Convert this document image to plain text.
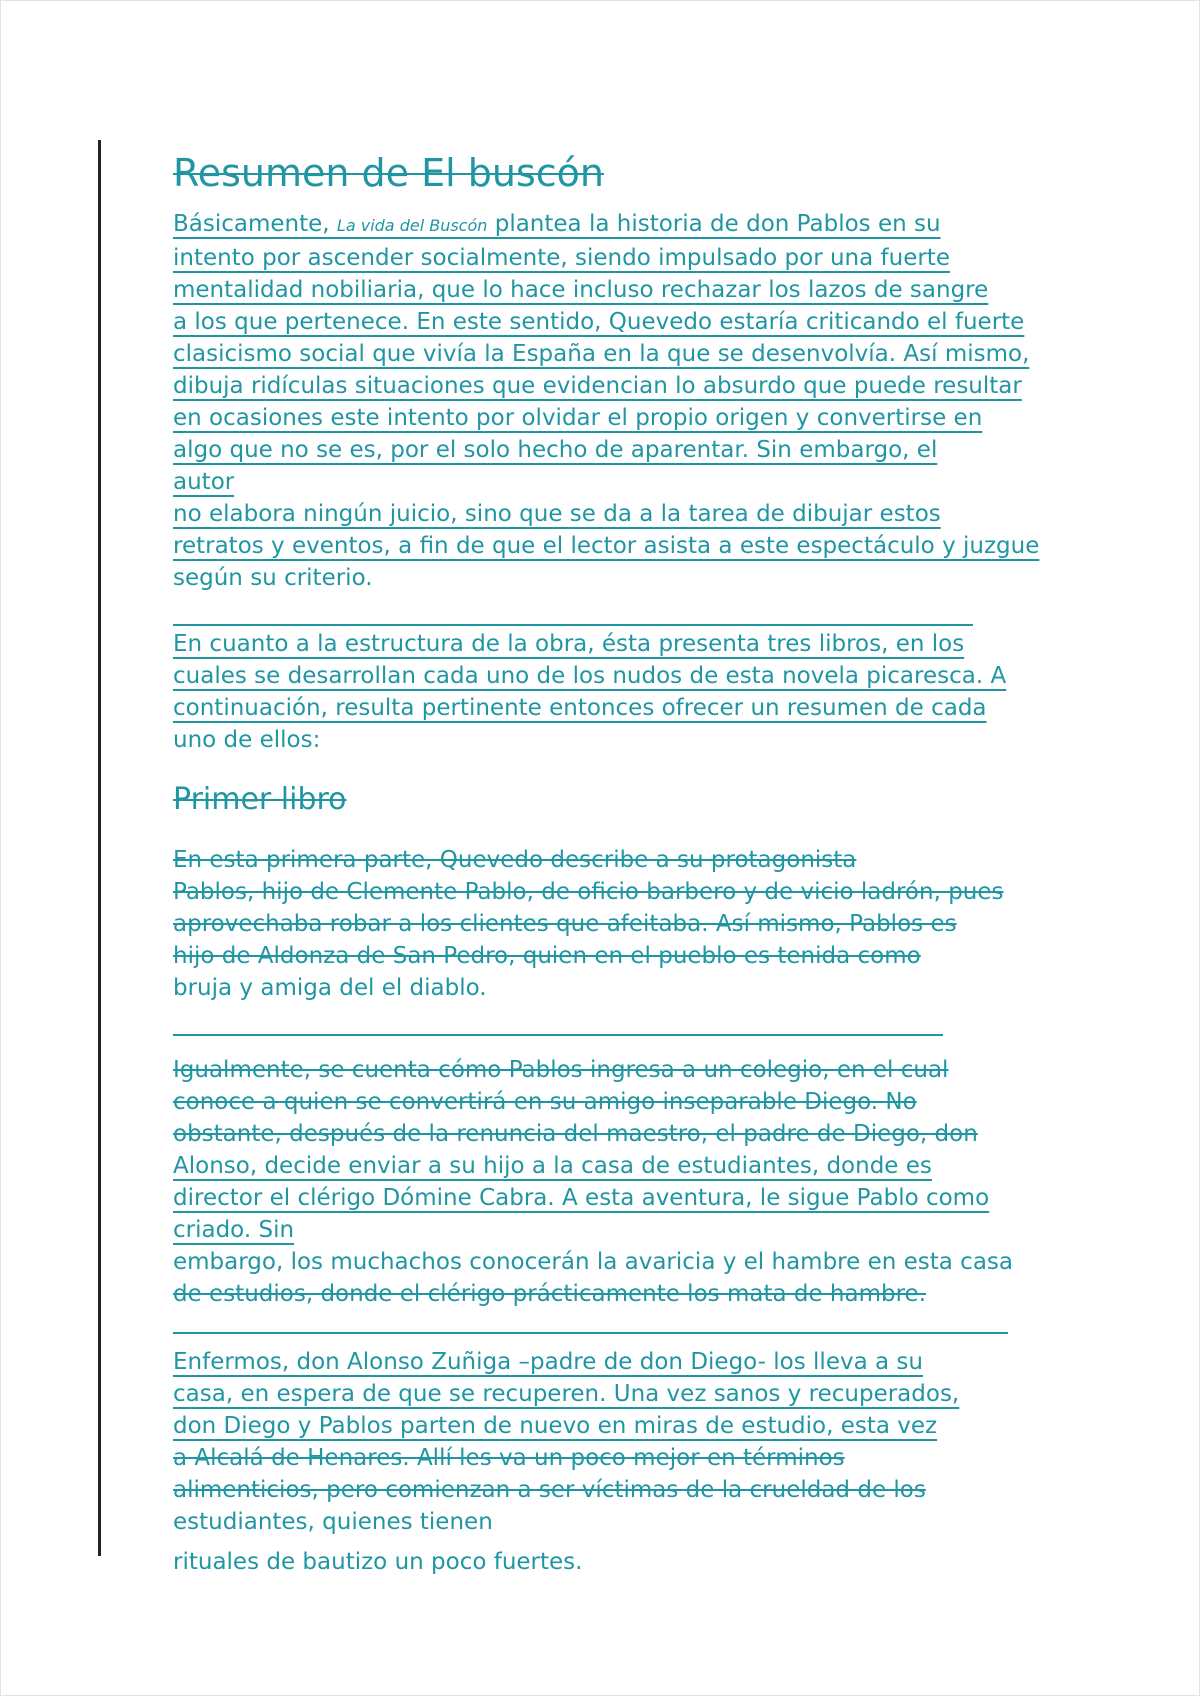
Resumen de El buscón

Básicamente, La vida del Buscón plantea la historia de don Pablos en su
intento por ascender socialmente, siendo impulsado por una fuerte
mentalidad nobiliaria, que lo hace incluso rechazar los lazos de sangre
a los que pertenece. En este sentido, Quevedo estaría criticando el fuerte
clasicismo social que vivía la España en la que se desenvolvía. Así mismo,
dibuja ridículas situaciones que evidencian lo absurdo que puede resultar
en ocasiones este intento por olvidar el propio origen y convertirse en
algo que no se es, por el solo hecho de aparentar. Sin embargo, el
autor
no elabora ningún juicio, sino que se da a la tarea de dibujar estos
retratos y eventos, a fin de que el lector asista a este espectáculo y juzgue
según su criterio.

En cuanto a la estructura de la obra, ésta presenta tres libros, en los
cuales se desarrollan cada uno de los nudos de esta novela picaresca. A
continuación, resulta pertinente entonces ofrecer un resumen de cada
uno de ellos:

Primer libro

En esta primera parte, Quevedo describe a su protagonista
Pablos, hijo de Clemente Pablo, de oficio barbero y de vicio ladrón, pues
aprovechaba robar a los clientes que afeitaba. Así mismo, Pablos es
hijo de Aldonza de San Pedro, quien en el pueblo es tenida como
bruja y amiga del el diablo.

Igualmente, se cuenta cómo Pablos ingresa a un colegio, en el cual
conoce a quien se convertirá en su amigo inseparable Diego. No
obstante, después de la renuncia del maestro, el padre de Diego, don
Alonso, decide enviar a su hijo a la casa de estudiantes, donde es
director el clérigo Dómine Cabra. A esta aventura, le sigue Pablo como
criado. Sin
embargo, los muchachos conocerán la avaricia y el hambre en esta casa
de estudios, donde el clérigo prácticamente los mata de hambre.

Enfermos, don Alonso Zuñiga –padre de don Diego- los lleva a su
casa, en espera de que se recuperen. Una vez sanos y recuperados,
don Diego y Pablos parten de nuevo en miras de estudio, esta vez
a Alcalá de Henares. Allí les va un poco mejor en términos
alimenticios, pero comienzan a ser víctimas de la crueldad de los
estudiantes, quienes tienen
rituales de bautizo un poco fuertes.
